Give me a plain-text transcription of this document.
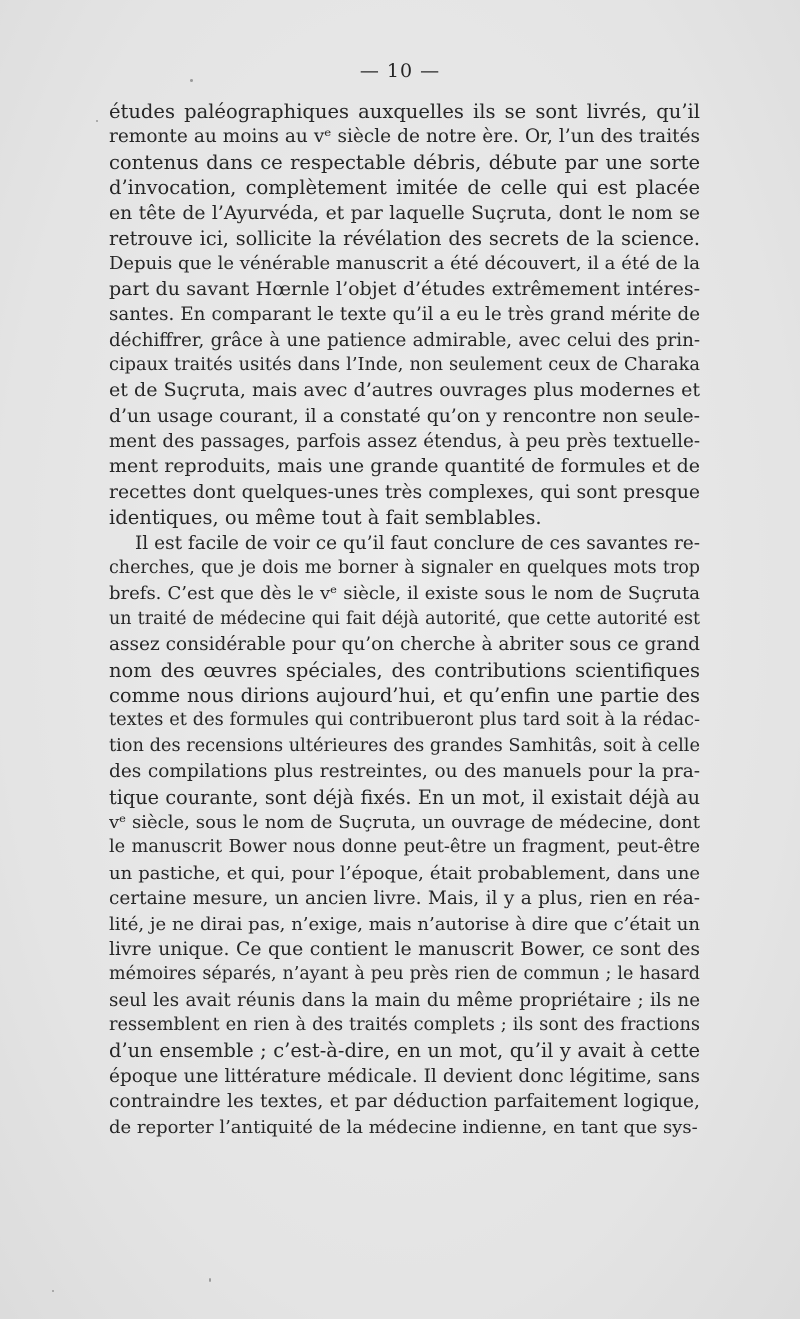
— 10 —
études paléographiques auxquelles ils se sont livrés, qu’il
remonte au moins au vᵉ siècle de notre ère. Or, l’un des traités
contenus dans ce respectable débris, débute par une sorte
d’invocation, complètement imitée de celle qui est placée
en tête de l’Ayurvéda, et par laquelle Suçruta, dont le nom se
retrouve ici, sollicite la révélation des secrets de la science.
Depuis que le vénérable manuscrit a été découvert, il a été de la
part du savant Hœrnle l’objet d’études extrêmement intéres-
santes. En comparant le texte qu’il a eu le très grand mérite de
déchiffrer, grâce à une patience admirable, avec celui des prin-
cipaux traités usités dans l’Inde, non seulement ceux de Charaka
et de Suçruta, mais avec d’autres ouvrages plus modernes et
d’un usage courant, il a constaté qu’on y rencontre non seule-
ment des passages, parfois assez étendus, à peu près textuelle-
ment reproduits, mais une grande quantité de formules et de
recettes dont quelques-unes très complexes, qui sont presque
identiques, ou même tout à fait semblables.
Il est facile de voir ce qu’il faut conclure de ces savantes re-
cherches, que je dois me borner à signaler en quelques mots trop
brefs. C’est que dès le vᵉ siècle, il existe sous le nom de Suçruta
un traité de médecine qui fait déjà autorité, que cette autorité est
assez considérable pour qu’on cherche à abriter sous ce grand
nom des œuvres spéciales, des contributions scientifiques
comme nous dirions aujourd’hui, et qu’enfin une partie des
textes et des formules qui contribueront plus tard soit à la rédac-
tion des recensions ultérieures des grandes Samhitâs, soit à celle
des compilations plus restreintes, ou des manuels pour la pra-
tique courante, sont déjà fixés. En un mot, il existait déjà au
vᵉ siècle, sous le nom de Suçruta, un ouvrage de médecine, dont
le manuscrit Bower nous donne peut-être un fragment, peut-être
un pastiche, et qui, pour l’époque, était probablement, dans une
certaine mesure, un ancien livre. Mais, il y a plus, rien en réa-
lité, je ne dirai pas, n’exige, mais n’autorise à dire que c’était un
livre unique. Ce que contient le manuscrit Bower, ce sont des
mémoires séparés, n’ayant à peu près rien de commun ; le hasard
seul les avait réunis dans la main du même propriétaire ; ils ne
ressemblent en rien à des traités complets ; ils sont des fractions
d’un ensemble ; c’est-à-dire, en un mot, qu’il y avait à cette
époque une littérature médicale. Il devient donc légitime, sans
contraindre les textes, et par déduction parfaitement logique,
de reporter l’antiquité de la médecine indienne, en tant que sys-
